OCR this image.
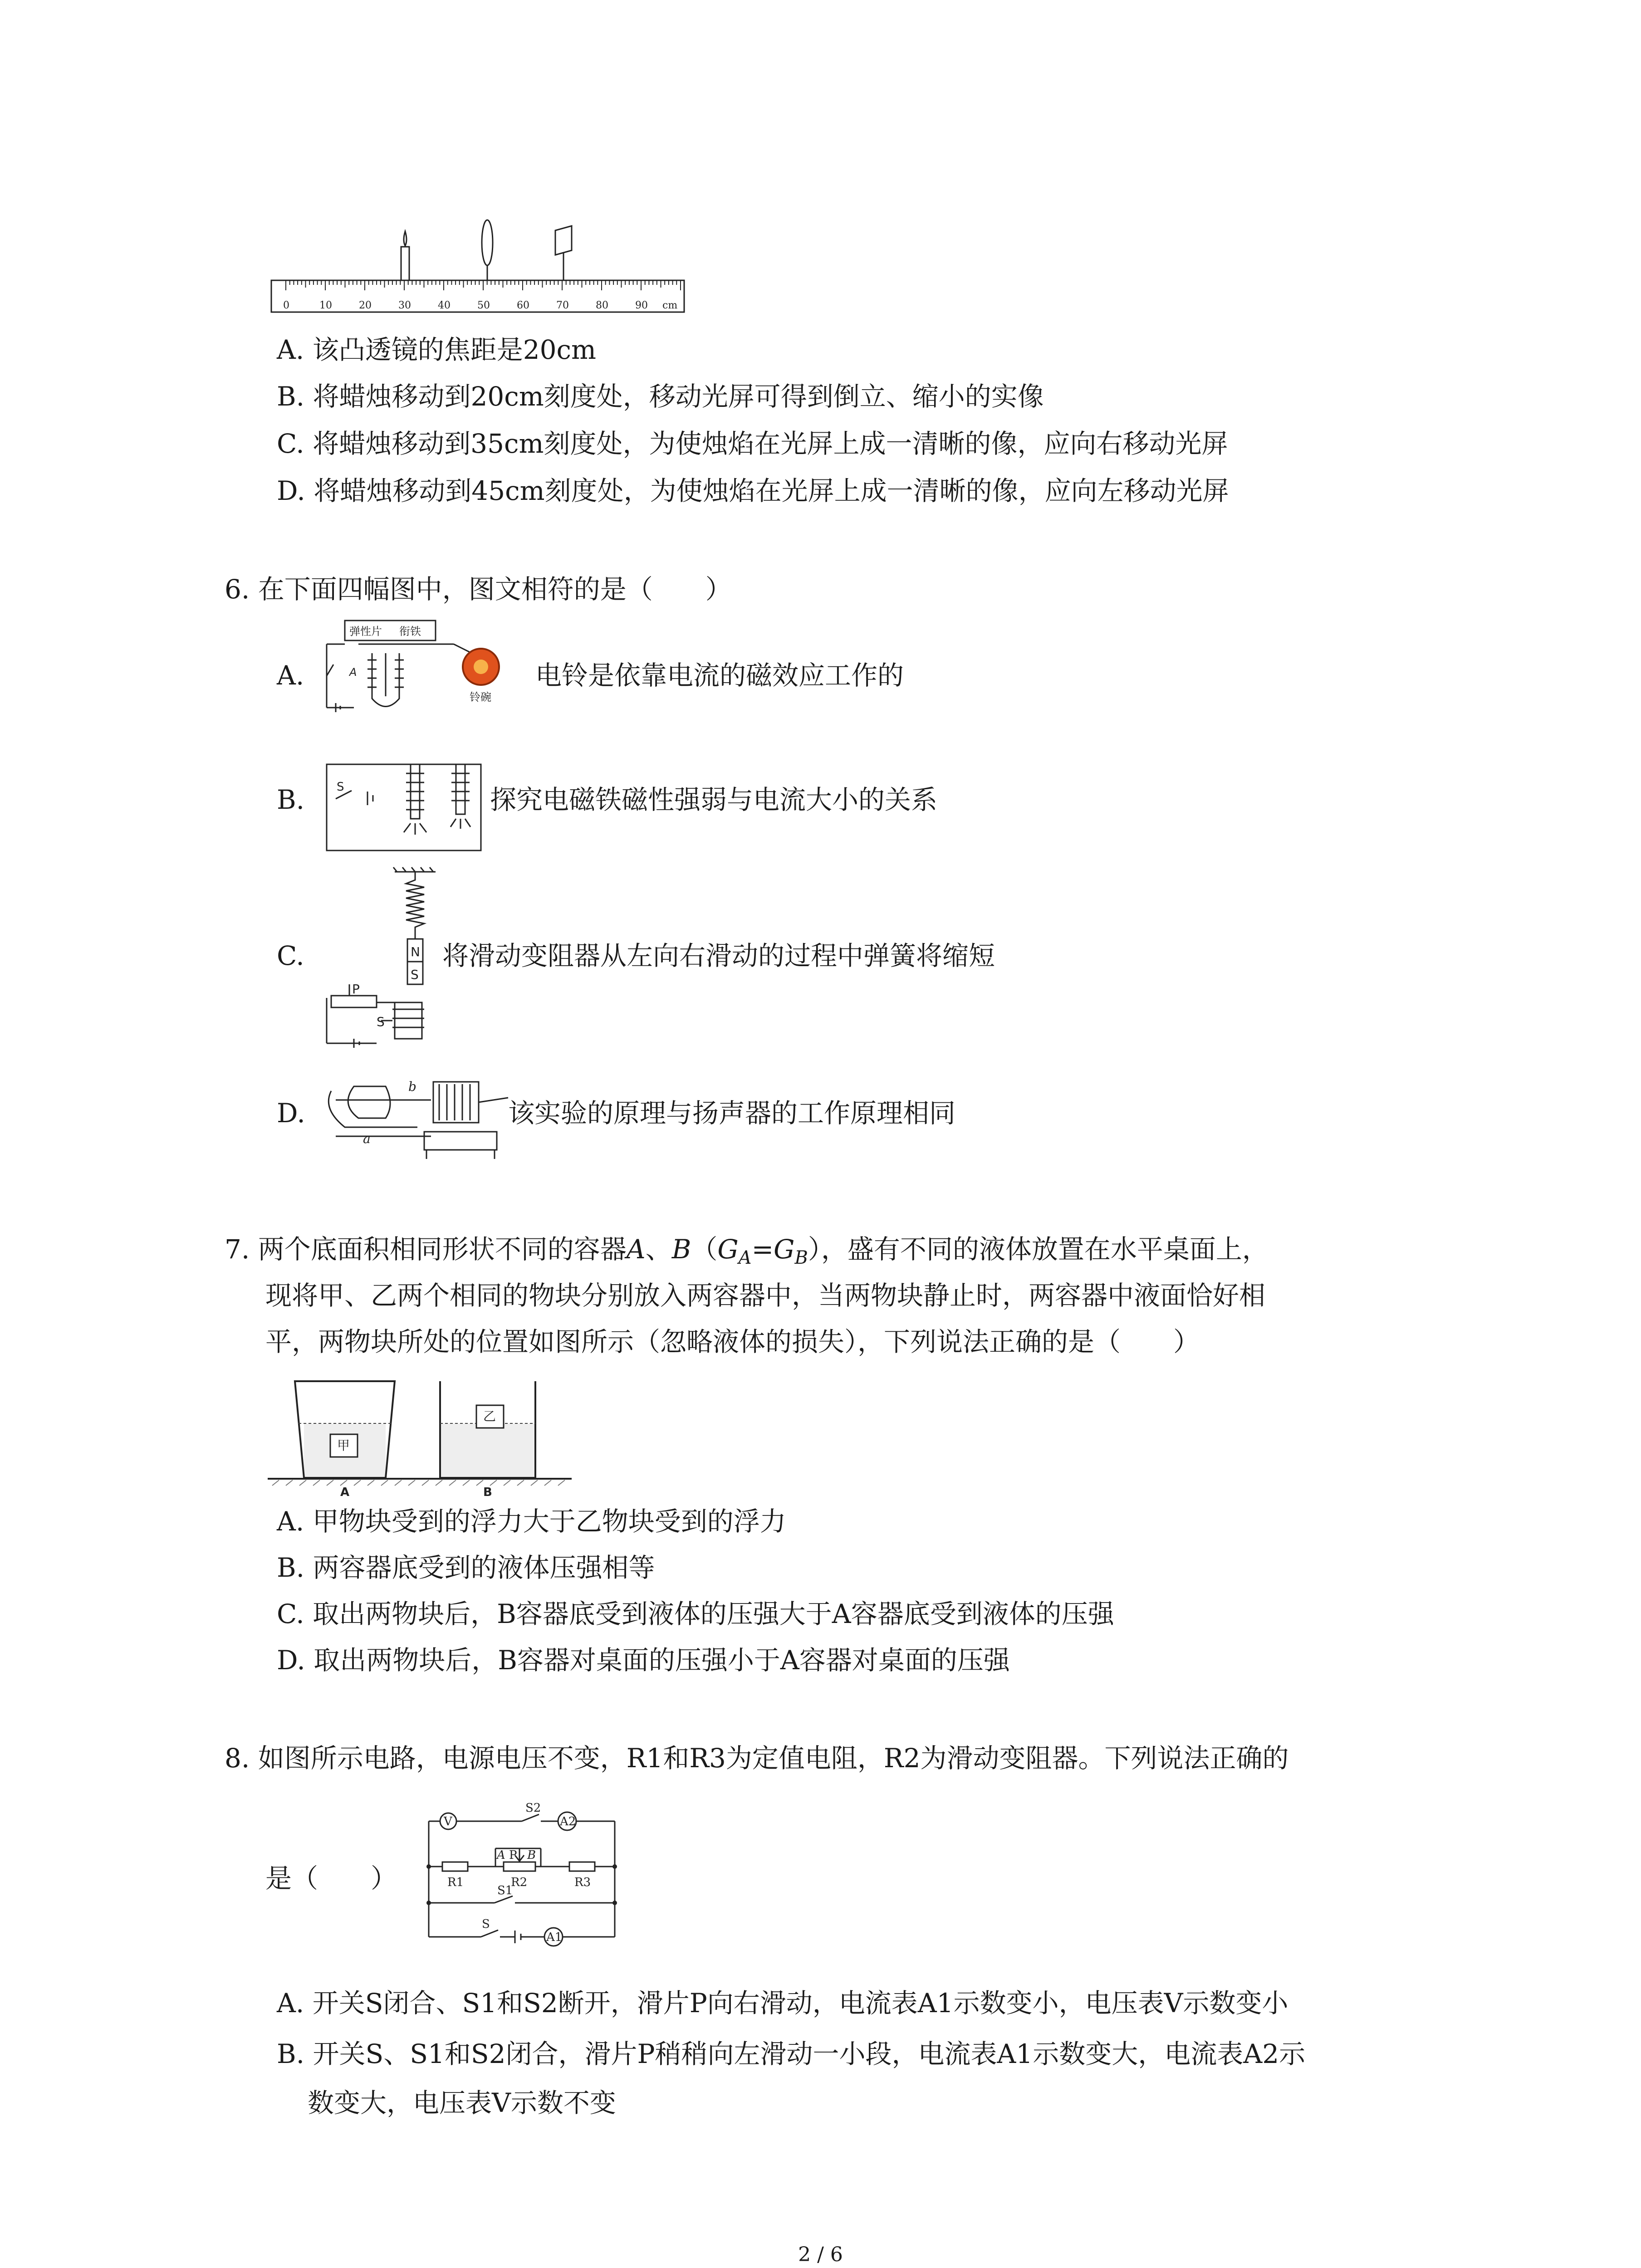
0	10	20	30	40	50	60	70	80	90 cm
A. 该凸透镜的焦距是20cm
B. 将蜡烛移动到20cm刻度处，移动光屏可得到倒立、缩小的实像
C. 将蜡烛移动到35cm刻度处，为使烛焰在光屏上成一清晰的像，应向右移动光屏
D. 将蜡烛移动到45cm刻度处，为使烛焰在光屏上成一清晰的像，应向左移动光屏
6. 在下面四幅图中，图文相符的是（　　）
A.
弹性片 衔铁
铃碗
A	电铃是依靠电流的磁效应工作的
B.	S	探究电磁铁磁性强弱与电流大小的关系
C.	N
S
P
S
将滑动变阻器从左向右滑动的过程中弹簧将缩短
D.
a
b
该实验的原理与扬声器的工作原理相同
7. 两个底面积相同形状不同的容器A、$B(G_A=G_B)$，盛有不同的液体放置在水平桌面上，
现将甲、乙两个相同的物块分别放入两容器中，当两物块静止时，两容器中液面恰好相
平，两物块所处的位置如图所示（忽略液体的损失），下列说法正确的是（　　）
甲
乙
A	B
A. 甲物块受到的浮力大于乙物块受到的浮力
B. 两容器底受到的液体压强相等
C. 取出两物块后，B容器底受到液体的压强大于A容器底受到液体的压强
D. 取出两物块后，B容器对桌面的压强小于A容器对桌面的压强
8. 如图所示电路，电源电压不变，R1和R3为定值电阻，R2为滑动变阻器。下列说法正确的
是（　　）
V
S2
A2
A P B
R1	R2	R3
S1
S
A1
A. 开关S闭合、S1和S2断开，滑片P向右滑动，电流表A1示数变小，电压表V示数变小
B. 开关S、S1和S2闭合，滑片P稍稍向左滑动一小段，电流表A1示数变大，电流表A2示
数变大，电压表V示数不变
2 / 6
